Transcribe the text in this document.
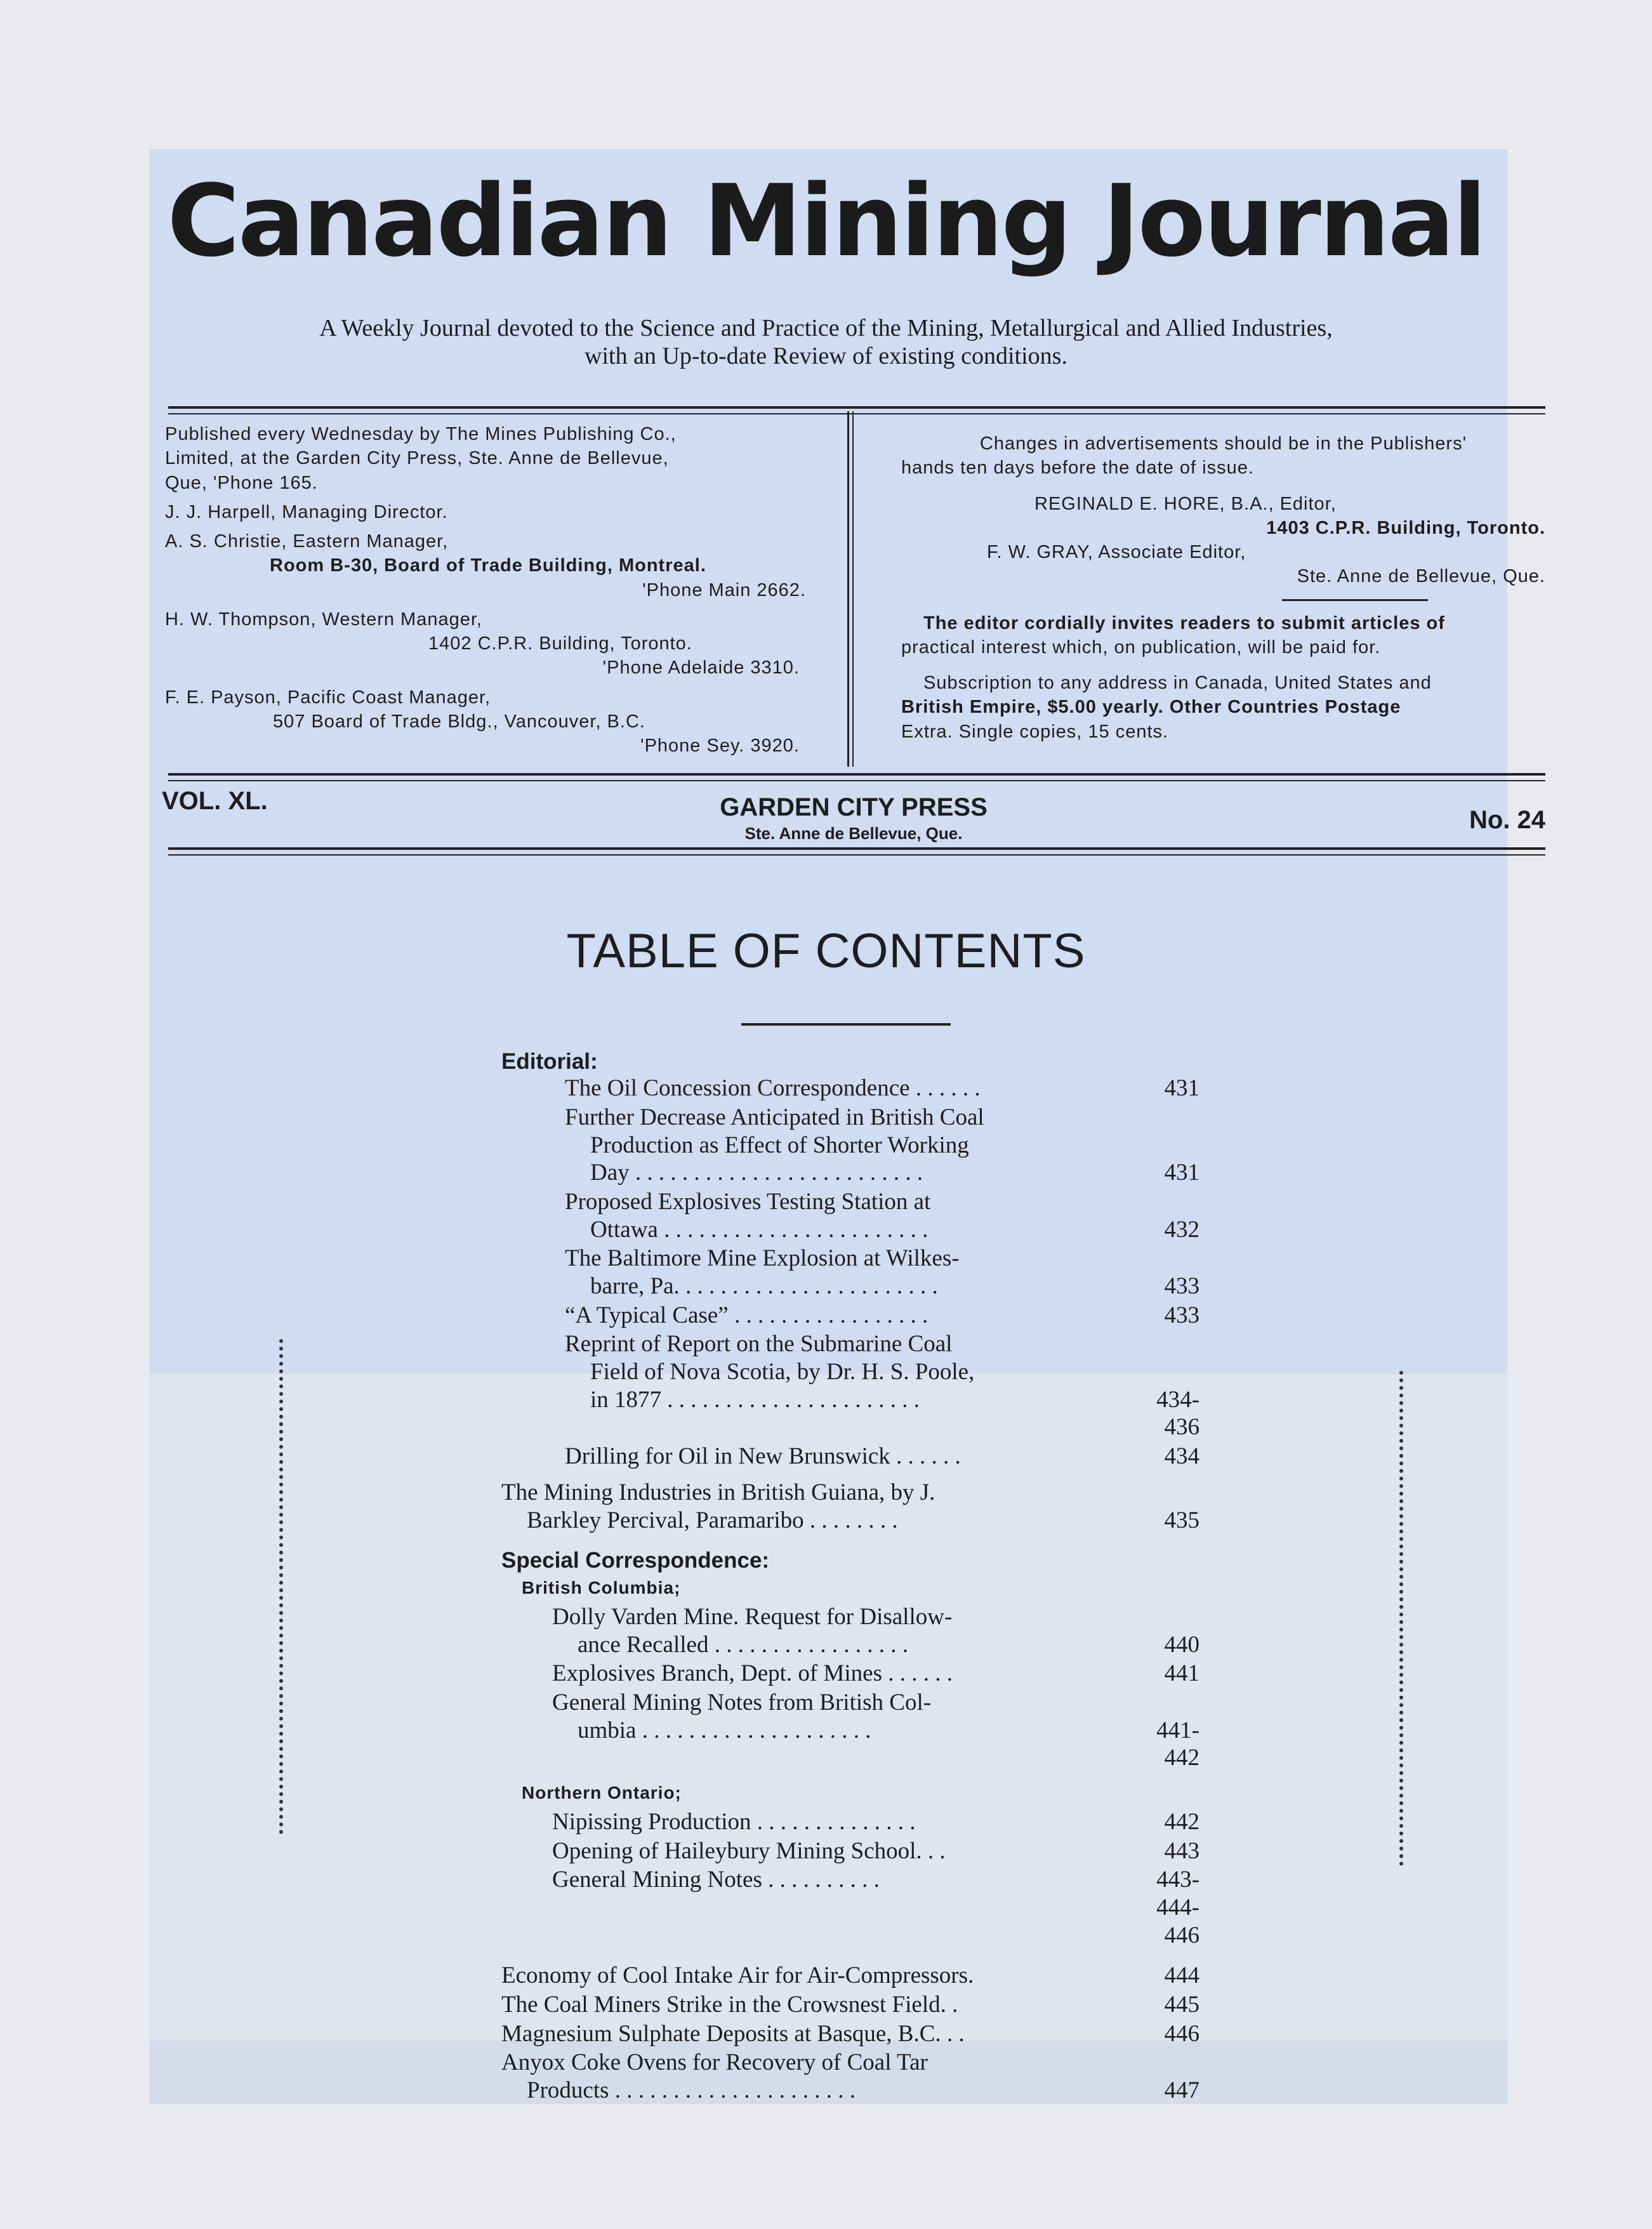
Canadian Mining Journal
A Weekly Journal devoted to the Science and Practice of the Mining, Metallurgical and Allied Industries,
with an Up-to-date Review of existing conditions.
Published every Wednesday by The Mines Publishing Co.,
Limited, at the Garden City Press, Ste. Anne de Bellevue,
Que, 'Phone 165.
J. J. Harpell, Managing Director.
A. S. Christie, Eastern Manager,
Room B-30, Board of Trade Building, Montreal.
'Phone Main 2662.
H. W. Thompson, Western Manager,
1402 C.P.R. Building, Toronto.
'Phone Adelaide 3310.
F. E. Payson, Pacific Coast Manager,
507 Board of Trade Bldg., Vancouver, B.C.
'Phone Sey. 3920.
Changes in advertisements should be in the Publishers'
hands ten days before the date of issue.
REGINALD E. HORE, B.A., Editor,
1403 C.P.R. Building, Toronto.
F. W. GRAY, Associate Editor,
Ste. Anne de Bellevue, Que.
The editor cordially invites readers to submit articles of
practical interest which, on publication, will be paid for.
Subscription to any address in Canada, United States and
British Empire, $5.00 yearly. Other Countries Postage
Extra. Single copies, 15 cents.
VOL. XL.	GARDEN CITY PRESS
Ste. Anne de Bellevue, Que.	No. 24
TABLE OF CONTENTS
Editorial:
The Oil Concession Correspondence . . . . . .	431
Further Decrease Anticipated in British Coal
Production as Effect of Shorter Working
Day . . . . . . . . . . . . . . . . . . . . . . . . .	431
Proposed Explosives Testing Station at
Ottawa . . . . . . . . . . . . . . . . . . . . . . .	432
The Baltimore Mine Explosion at Wilkes-
barre, Pa. . . . . . . . . . . . . . . . . . . . . . .	433
“A Typical Case” . . . . . . . . . . . . . . . . .	433
Reprint of Report on the Submarine Coal
Field of Nova Scotia, by Dr. H. S. Poole,
in 1877 . . . . . . . . . . . . . . . . . . . . . .	434-436
Drilling for Oil in New Brunswick . . . . . .	434
The Mining Industries in British Guiana, by J.
Barkley Percival, Paramaribo . . . . . . . .	435
Special Correspondence:
British Columbia;
Dolly Varden Mine. Request for Disallow-
ance Recalled . . . . . . . . . . . . . . . . .	440
Explosives Branch, Dept. of Mines . . . . . .	441
General Mining Notes from British Col-
umbia . . . . . . . . . . . . . . . . . . . .	441-442
Northern Ontario;
Nipissing Production . . . . . . . . . . . . . .	442
Opening of Haileybury Mining School. . .	443
General Mining Notes . . . . . . . . . .	443-444-446
Economy of Cool Intake Air for Air-Compressors.	444
The Coal Miners Strike in the Crowsnest Field. .	445
Magnesium Sulphate Deposits at Basque, B.C. . .	446
Anyox Coke Ovens for Recovery of Coal Tar
Products . . . . . . . . . . . . . . . . . . . . .	447
